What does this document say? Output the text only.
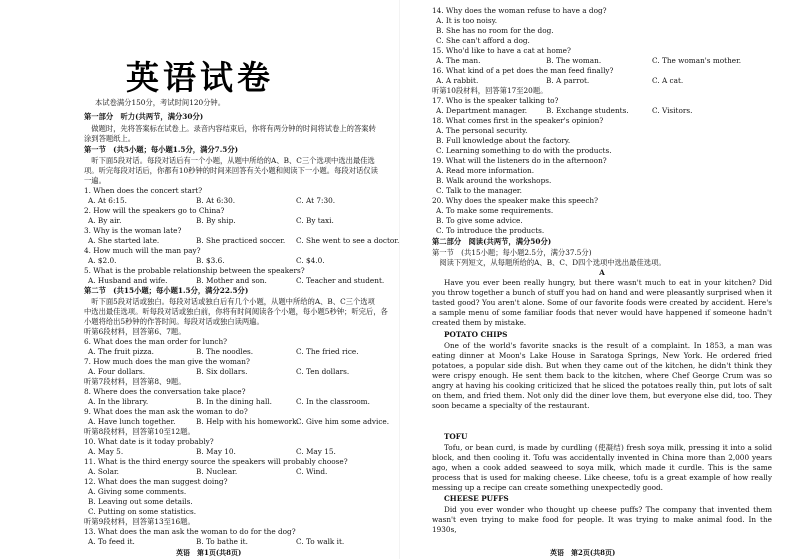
英语试卷
本试卷满分150分，考试时间120分钟。
第一部分　听力(共两节，满分30分)
　做题时，先将答案标在试卷上。录音内容结束后，你将有两分钟的时间将试卷上的答案转
涂到答题纸上。
第一节　(共5小题；每小题1.5分，满分7.5分)
　听下面5段对话。每段对话后有一个小题，从题中所给的A、B、C三个选项中选出最佳选
项。听完每段对话后，你都有10秒钟的时间来回答有关小题和阅读下一小题。每段对话仅读
一遍。
1. When does the concert start?
A. At 6:15.	B. At 6:30.	C. At 7:30.
2. How will the speakers go to China?
A. By air.	B. By ship.	C. By taxi.
3. Why is the woman late?
A. She started late.	B. She practiced soccer. C. She went to see a doctor.
4. How much will the man pay?
A. $2.0.	B. $3.6.	C. $4.0.
5. What is the probable relationship between the speakers?
A. Husband and wife.	B. Mother and son.	C. Teacher and student.
第二节　(共15小题；每小题1.5分，满分22.5分)
　听下面5段对话或独白。每段对话或独白后有几个小题，从题中所给的A、B、C三个选项
中选出最佳选项。听每段对话或独白前，你将有时间阅读各个小题，每小题5秒钟；听完后，各
小题将给出5秒钟的作答时间。每段对话或独白读两遍。
听第6段材料，回答第6、7题。
6. What does the man order for lunch?
A. The fruit pizza.	B. The noodles.	C. The fried rice.
7. How much does the man give the woman?
A. Four dollars.	B. Six dollars.	C. Ten dollars.
听第7段材料，回答第8、9题。
8. Where does the conversation take place?
A. In the library.	B. In the dining hall.	C. In the classroom.
9. What does the man ask the woman to do?
A. Have lunch together.	B. Help with his homework.
C. Give him some advice.
听第8段材料，回答第10至12题。
10. What date is it today probably?
A. May 5.	B. May 10.	C. May 15.
11. What is the third energy source the speakers will probably choose?
A. Solar.	B. Nuclear.	C. Wind.
12. What does the man suggest doing?
A. Giving some comments.
B. Leaving out some details.
C. Putting on some statistics.
听第9段材料，回答第13至16题。
13. What does the man ask the woman to do for the dog?
A. To feed it.	B. To bathe it.	C. To walk it.
英语　第1页(共8页)
14. Why does the woman refuse to have a dog?
A. It is too noisy.
B. She has no room for the dog.
C. She can't afford a dog.
15. Who'd like to have a cat at home?
A. The man.	B. The woman.	C. The woman's mother.
16. What kind of a pet does the man feed finally?
A. A rabbit.	B. A parrot.	C. A cat.
听第10段材料，回答第17至20题。
17. Who is the speaker talking to?
A. Department manager.	B. Exchange students.	C. Visitors.
18. What comes first in the speaker's opinion?
A. The personal security.
B. Full knowledge about the factory.
C. Learning something to do with the products.
19. What will the listeners do in the afternoon?
A. Read more information.
B. Walk around the workshops.
C. Talk to the manager.
20. Why does the speaker make this speech?
A. To make some requirements.
B. To give some advice.
C. To introduce the products.
第二部分　阅读(共两节，满分50分)
第一节　(共15小题；每小题2.5分，满分37.5分)
　阅读下列短文，从每题所给的A、B、C、D四个选项中选出最佳选项。
A
Have you ever been really hungry, but there wasn't much to eat in your kitchen? Did you throw together a bunch of stuff you had on hand and were pleasantly surprised when it tasted good? You aren't alone. Some of our favorite foods were created by accident. Here's a sample menu of some familiar foods that never would have happened if someone hadn't created them by mistake.
POTATO CHIPS
One of the world's favorite snacks is the result of a complaint. In 1853, a man was eating dinner at Moon's Lake House in Saratoga Springs, New York. He ordered fried potatoes, a popular side dish. But when they came out of the kitchen, he didn't think they were crispy enough. He sent them back to the kitchen, where Chef George Crum was so angry at having his cooking criticized that he sliced the potatoes really thin, put lots of salt on them, and fried them. Not only did the diner love them, but everyone else did, too. They soon became a specialty of the restaurant.
TOFU
Tofu, or bean curd, is made by curdling (使凝结) fresh soya milk, pressing it into a solid block, and then cooling it. Tofu was accidentally invented in China more than 2,000 years ago, when a cook added seaweed to soya milk, which made it curdle. This is the same process that is used for making cheese. Like cheese, tofu is a great example of how really messing up a recipe can create something unexpectedly good.
CHEESE PUFFS
Did you ever wonder who thought up cheese puffs? The company that invented them wasn't even trying to make food for people. It was trying to make animal food. In the 1930s,
英语　第2页(共8页)
